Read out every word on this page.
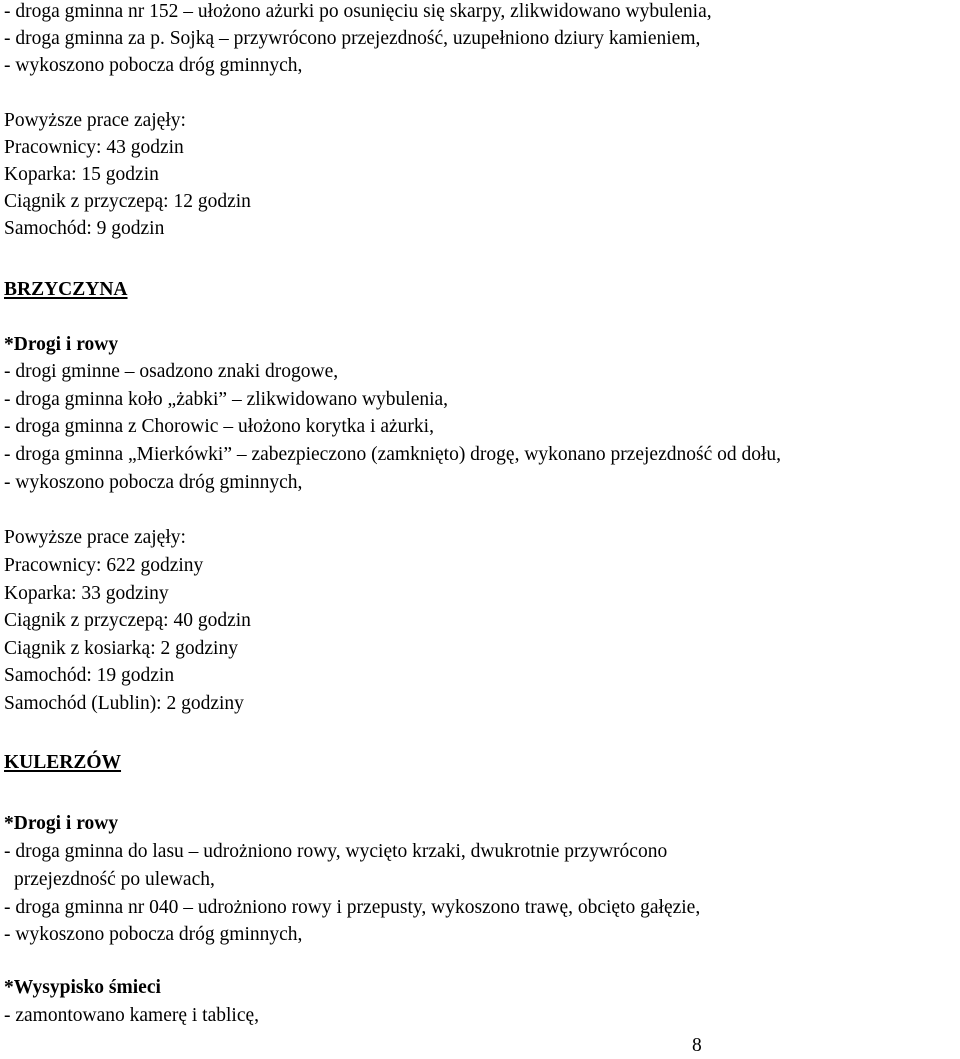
- droga gminna nr 152 – ułożono ażurki po osunięciu się skarpy, zlikwidowano wybulenia,
- droga gminna za p. Sojką – przywrócono przejezdność, uzupełniono dziury kamieniem,
- wykoszono pobocza dróg gminnych,
Powyższe prace zajęły:
Pracownicy: 43 godzin
Koparka: 15 godzin
Ciągnik z przyczepą: 12 godzin
Samochód: 9 godzin
BRZYCZYNA
*Drogi i rowy
- drogi gminne – osadzono znaki drogowe,
- droga gminna koło „żabki” – zlikwidowano wybulenia,
- droga gminna z Chorowic – ułożono korytka i ażurki,
- droga gminna „Mierkówki” – zabezpieczono (zamknięto) drogę, wykonano przejezdność od dołu,
- wykoszono pobocza dróg gminnych,
Powyższe prace zajęły:
Pracownicy: 622 godziny
Koparka: 33 godziny
Ciągnik z przyczepą: 40 godzin
Ciągnik z kosiarką: 2 godziny
Samochód: 19 godzin
Samochód (Lublin): 2 godziny
KULERZÓW
*Drogi i rowy
- droga gminna do lasu – udrożniono rowy, wycięto krzaki, dwukrotnie przywrócono
przejezdność po ulewach,
- droga gminna nr 040 – udrożniono rowy i przepusty, wykoszono trawę, obcięto gałęzie,
- wykoszono pobocza dróg gminnych,
*Wysypisko śmieci
- zamontowano kamerę i tablicę,
8
